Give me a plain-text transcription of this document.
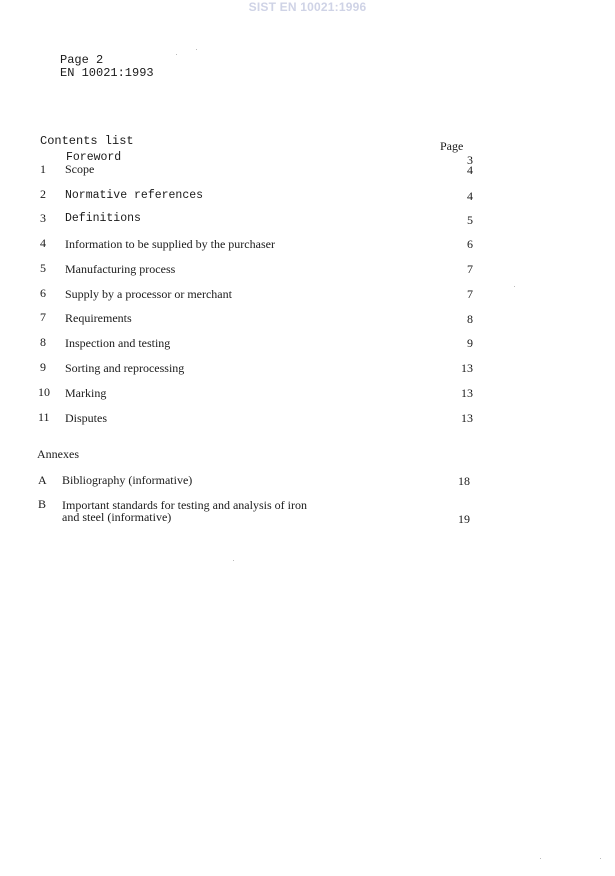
SIST EN 10021:1996
Page 2
EN 10021:1993
Contents list	Page
Foreword	3
1 Scope	4
2 Normative references	4
3 Definitions	5
4 Information to be supplied by the purchaser	6
5 Manufacturing process	7
6 Supply by a processor or merchant	7
7 Requirements	8
8 Inspection and testing	9
9 Sorting and reprocessing	13
10 Marking	13
11 Disputes	13
Annexes
A Bibliography (informative)	18
B Important standards for testing and analysis of iron
and steel (informative)	19
